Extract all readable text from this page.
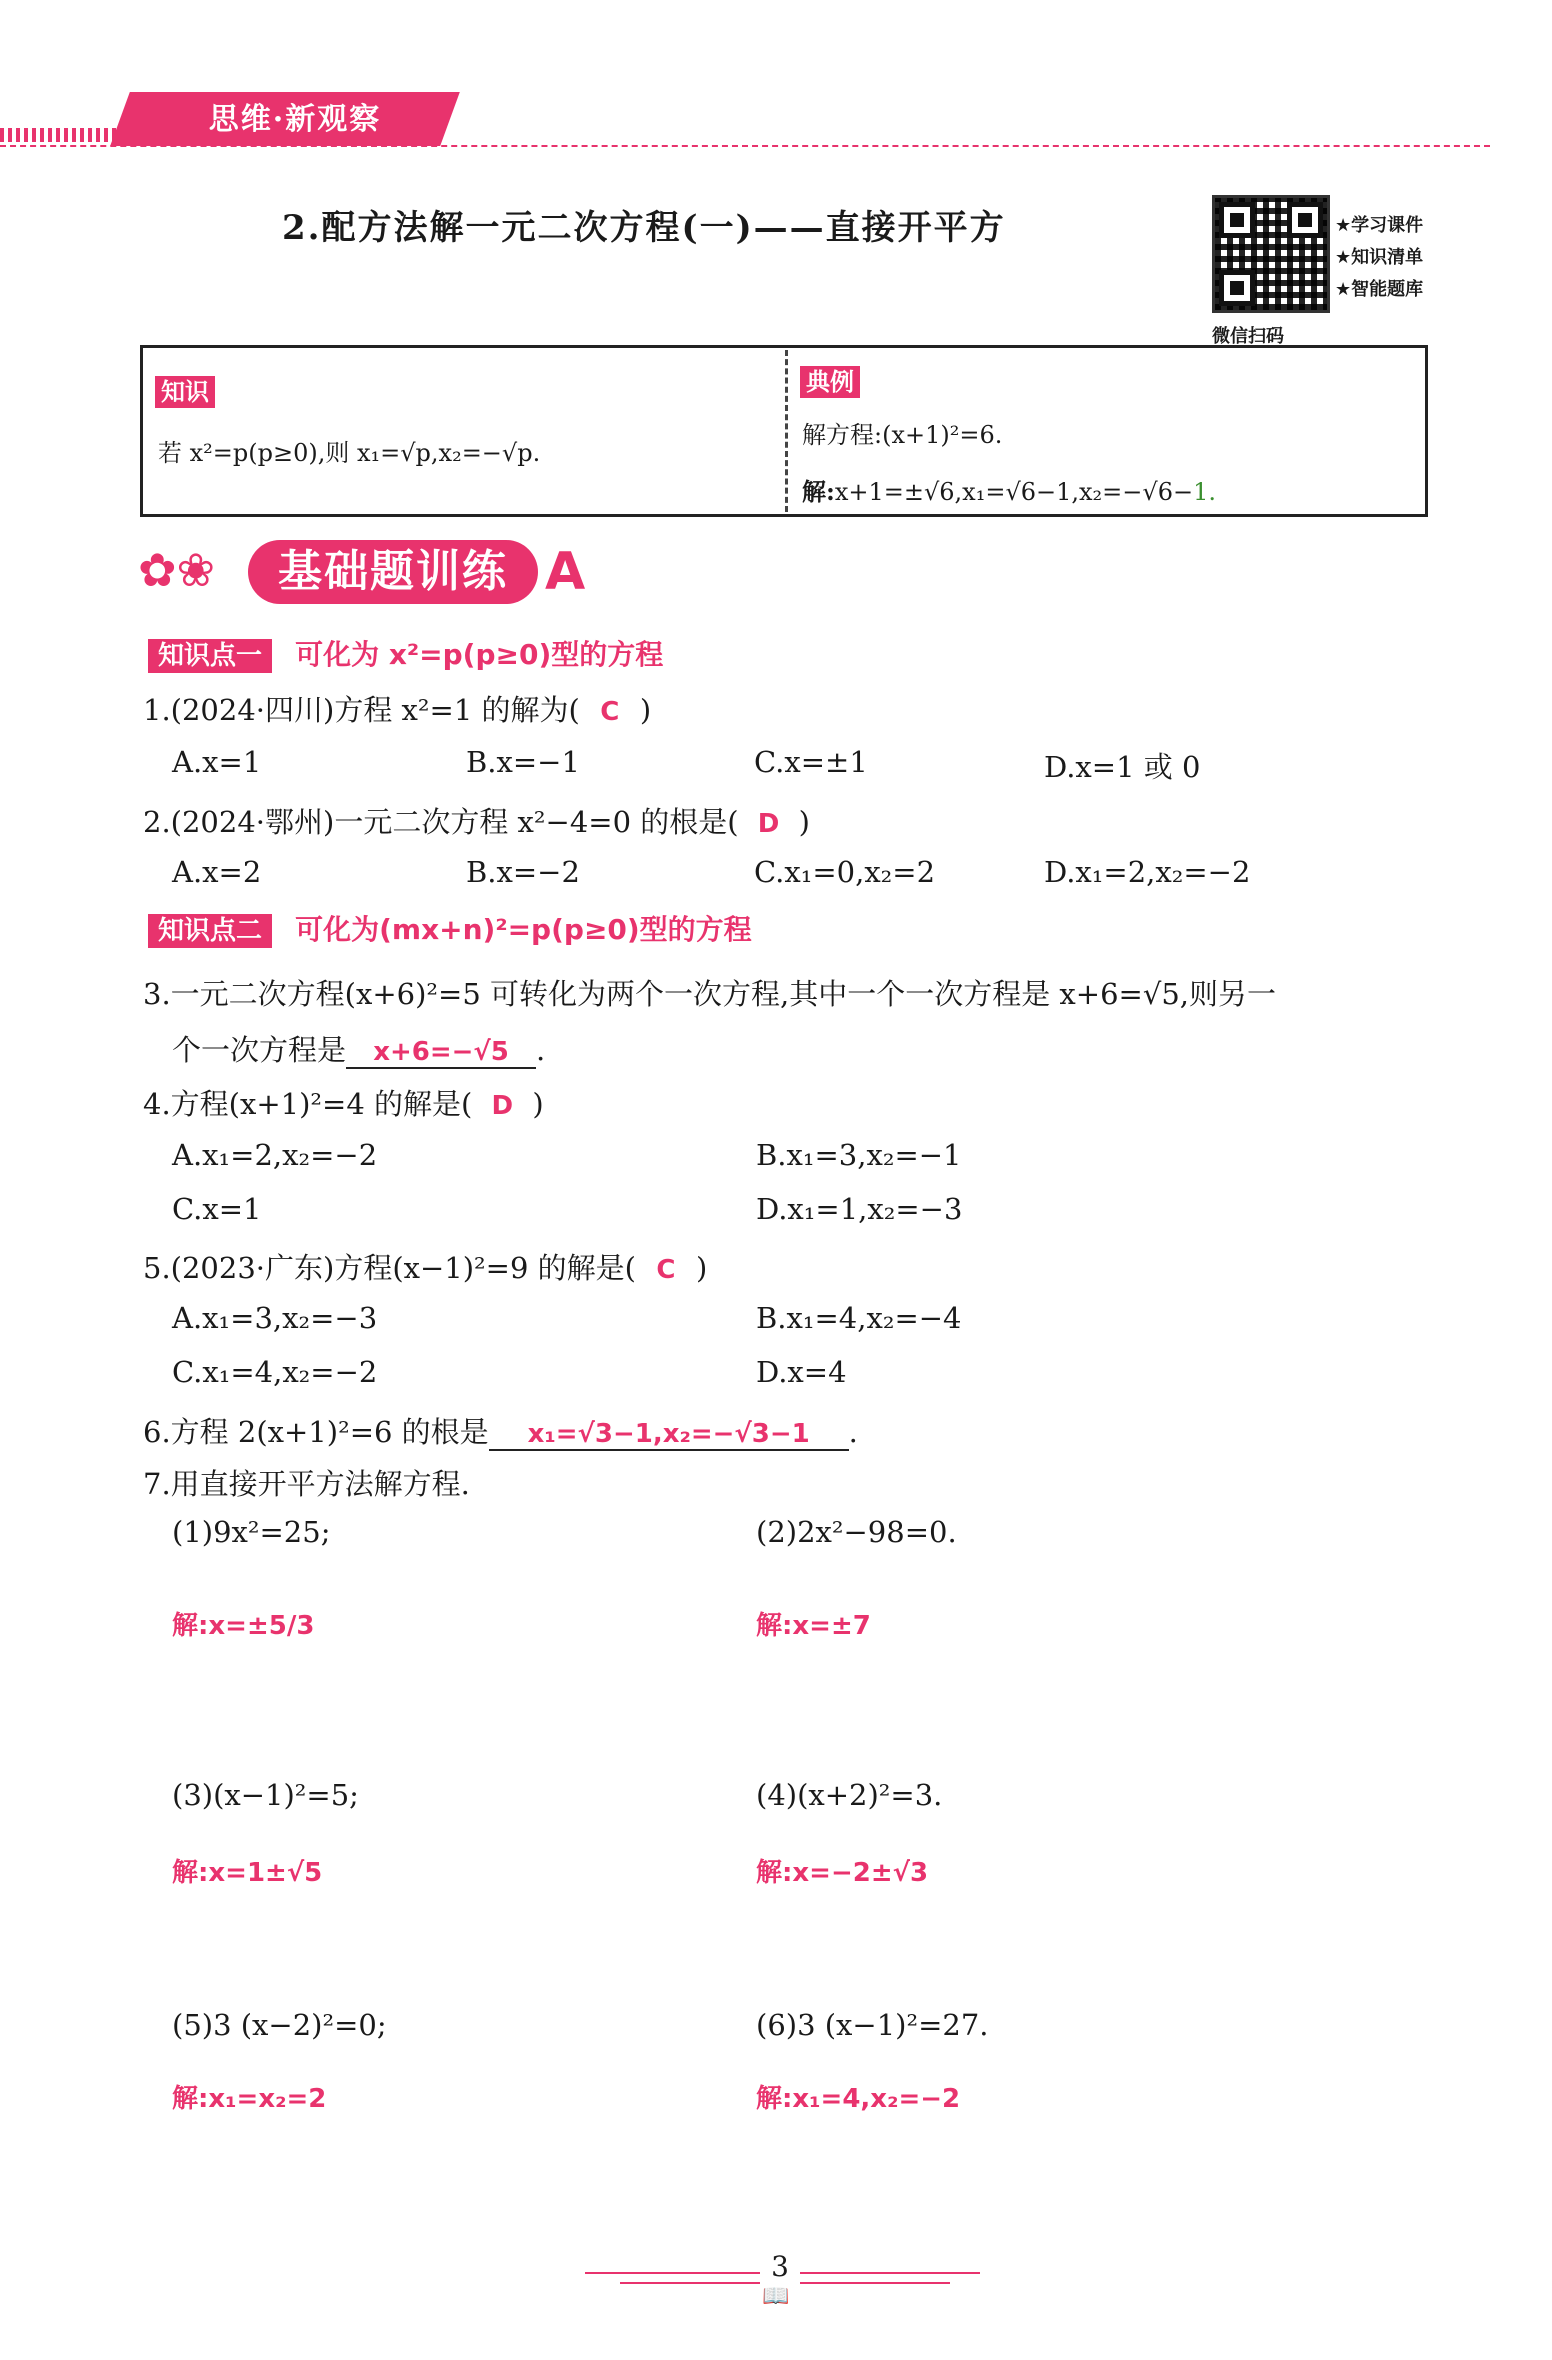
思维·新观察
2.配方法解一元二次方程(一)——直接开平方	★学习课件
★知识清单
★智能题库
微信扫码
知识
若 x²=p(p≥0),则 x₁=√p,x₂=−√p.
典例
解方程:(x+1)²=6.
解:x+1=±√6,x₁=√6−1,x₂=−√6−1.
✿❀	基础题训练 A
知识点一 可化为 x²=p(p≥0)型的方程
1.(2024·四川)方程 x²=1 的解为( C )
A.x=1	B.x=−1	C.x=±1	D.x=1 或 0
2.(2024·鄂州)一元二次方程 x²−4=0 的根是( D )
A.x=2	B.x=−2	C.x₁=0,x₂=2	D.x₁=2,x₂=−2
知识点二 可化为(mx+n)²=p(p≥0)型的方程
3.一元二次方程(x+6)²=5 可转化为两个一次方程,其中一个一次方程是 x+6=√5,则另一
个一次方程是 x+6=−√5 .
4.方程(x+1)²=4 的解是( D )
A.x₁=2,x₂=−2	B.x₁=3,x₂=−1
C.x=1	D.x₁=1,x₂=−3
5.(2023·广东)方程(x−1)²=9 的解是( C )
A.x₁=3,x₂=−3	B.x₁=4,x₂=−4
C.x₁=4,x₂=−2	D.x=4
6.方程 2(x+1)²=6 的根是 x₁=√3−1,x₂=−√3−1 .
7.用直接开平方法解方程.
(1)9x²=25;	(2)2x²−98=0.
解:x=±5/3	解:x=±7
(3)(x−1)²=5;	(4)(x+2)²=3.
解:x=1±√5	解:x=−2±√3
(5)3 (x−2)²=0;	(6)3 (x−1)²=27.
解:x₁=x₂=2	解:x₁=4,x₂=−2
3
📖
